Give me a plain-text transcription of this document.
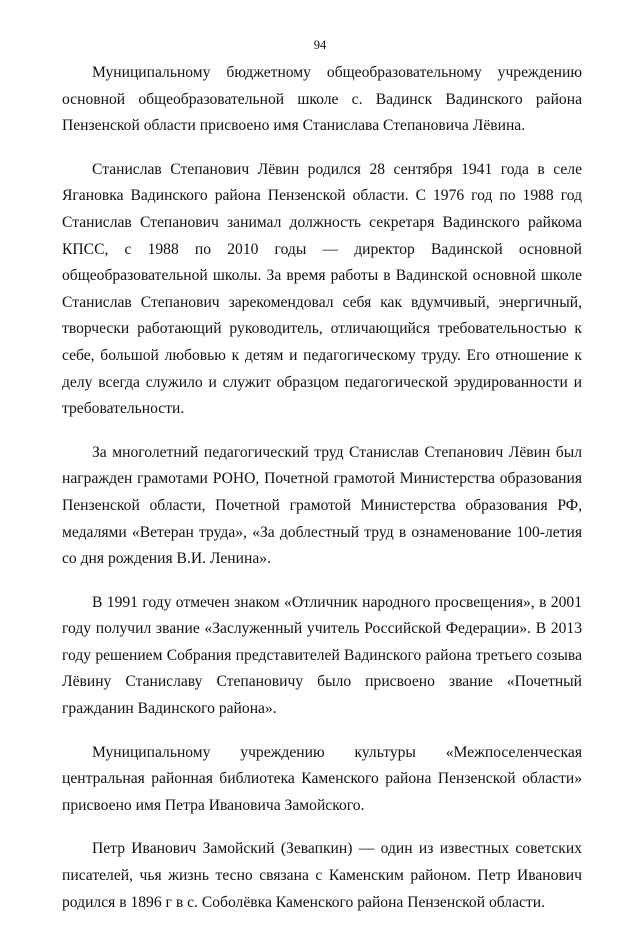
94

Муниципальному бюджетному общеобразовательному учреждению основной общеобразовательной школе с. Вадинск Вадинского района Пензенской области присвоено имя Станислава Степановича Лёвина.

Станислав Степанович Лёвин родился 28 сентября 1941 года в селе Ягановка Вадинского района Пензенской области. С 1976 год по 1988 год Станислав Степанович занимал должность секретаря Вадинского райкома КПСС, с 1988 по 2010 годы — директор Вадинской основной общеобразовательной школы. За время работы в Вадинской основной школе Станислав Степанович зарекомендовал себя как вдумчивый, энергичный, творчески работающий руководитель, отличающийся требовательностью к себе, большой любовью к детям и педагогическому труду. Его отношение к делу всегда служило и служит образцом педагогической эрудированности и требовательности.

За многолетний педагогический труд Станислав Степанович Лёвин был награжден грамотами РОНО, Почетной грамотой Министерства образования Пензенской области, Почетной грамотой Министерства образования РФ, медалями «Ветеран труда», «За доблестный труд в ознаменование 100-летия со дня рождения В.И. Ленина».

В 1991 году отмечен знаком «Отличник народного просвещения», в 2001 году получил звание «Заслуженный учитель Российской Федерации». В 2013 году решением Собрания представителей Вадинского района третьего созыва Лёвину Станиславу Степановичу было присвоено звание «Почетный гражданин Вадинского района».

Муниципальному учреждению культуры «Межпоселенческая центральная районная библиотека Каменского района Пензенской области» присвоено имя Петра Ивановича Замойского.

Петр Иванович Замойский (Зевапкин) — один из известных советских писателей, чья жизнь тесно связана с Каменским районом. Петр Иванович родился в 1896 г в с. Соболёвка Каменского района Пензенской области.
